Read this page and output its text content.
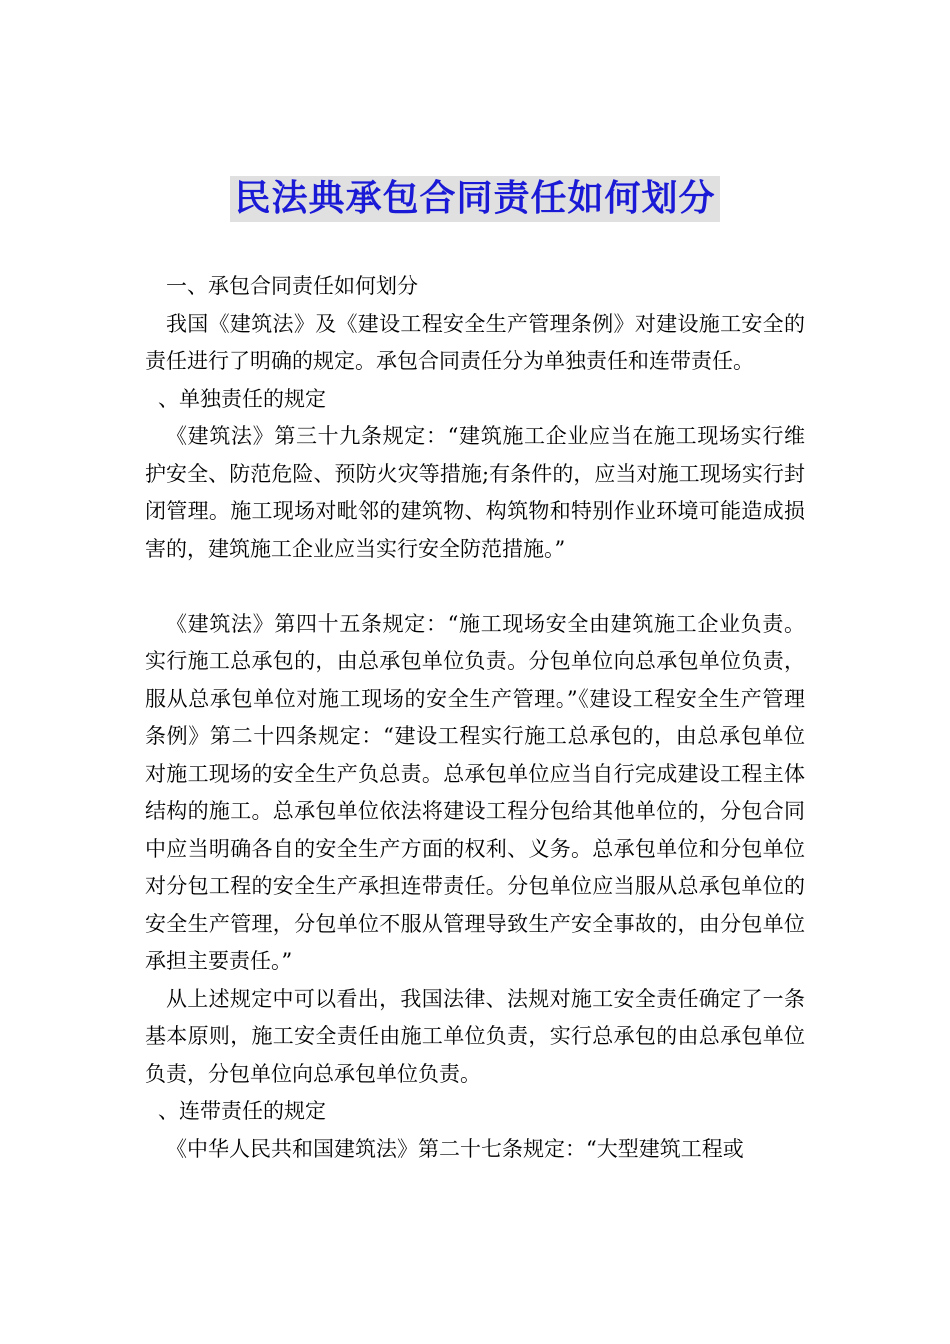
民法典承包合同责任如何划分

一、承包合同责任如何划分

我国《建筑法》及《建设工程安全生产管理条例》对建设施工安全的责任进行了明确的规定。承包合同责任分为单独责任和连带责任。

、单独责任的规定

《建筑法》第三十九条规定：“建筑施工企业应当在施工现场实行维护安全、防范危险、预防火灾等措施;有条件的，应当对施工现场实行封闭管理。施工现场对毗邻的建筑物、构筑物和特别作业环境可能造成损害的，建筑施工企业应当实行安全防范措施。”

《建筑法》第四十五条规定：“施工现场安全由建筑施工企业负责。实行施工总承包的，由总承包单位负责。分包单位向总承包单位负责，服从总承包单位对施工现场的安全生产管理。”《建设工程安全生产管理条例》第二十四条规定：“建设工程实行施工总承包的，由总承包单位对施工现场的安全生产负总责。总承包单位应当自行完成建设工程主体结构的施工。总承包单位依法将建设工程分包给其他单位的，分包合同中应当明确各自的安全生产方面的权利、义务。总承包单位和分包单位对分包工程的安全生产承担连带责任。分包单位应当服从总承包单位的安全生产管理，分包单位不服从管理导致生产安全事故的，由分包单位承担主要责任。”

从上述规定中可以看出，我国法律、法规对施工安全责任确定了一条基本原则，施工安全责任由施工单位负责，实行总承包的由总承包单位负责，分包单位向总承包单位负责。

、连带责任的规定

《中华人民共和国建筑法》第二十七条规定：“大型建筑工程或
